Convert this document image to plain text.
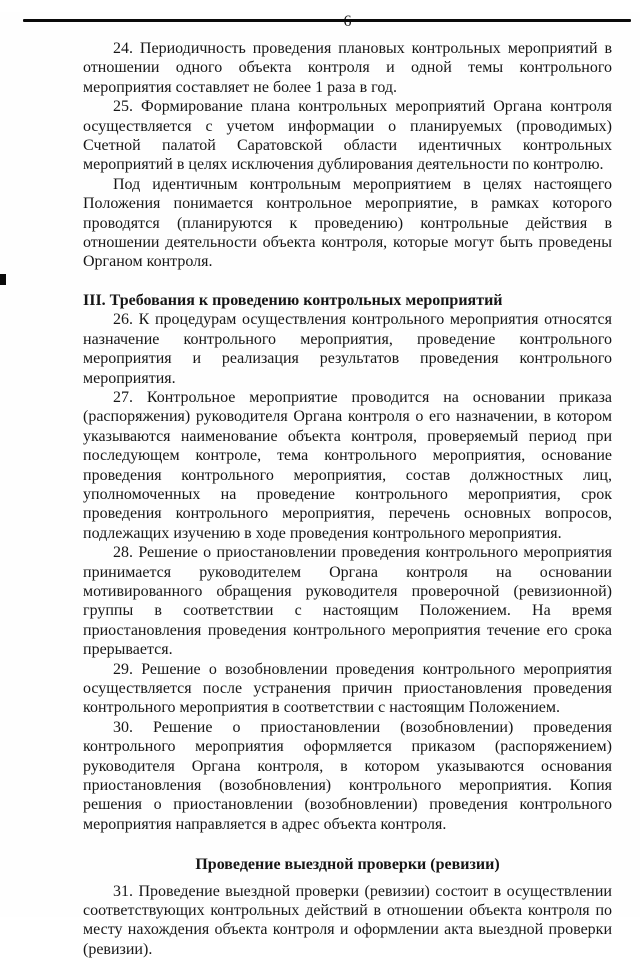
24. Периодичность проведения плановых контрольных мероприятий в отношении одного объекта контроля и одной темы контрольного мероприятия составляет не более 1 раза в год.

25. Формирование плана контрольных мероприятий Органа контроля осуществляется с учетом информации о планируемых (проводимых) Счетной палатой Саратовской области идентичных контрольных мероприятий в целях исключения дублирования деятельности по контролю.

Под идентичным контрольным мероприятием в целях настоящего Положения понимается контрольное мероприятие, в рамках которого проводятся (планируются к проведению) контрольные действия в отношении деятельности объекта контроля, которые могут быть проведены Органом контроля.

III. Требования к проведению контрольных мероприятий

26. К процедурам осуществления контрольного мероприятия относятся назначение контрольного мероприятия, проведение контрольного мероприятия и реализация результатов проведения контрольного мероприятия.

27. Контрольное мероприятие проводится на основании приказа (распоряжения) руководителя Органа контроля о его назначении, в котором указываются наименование объекта контроля, проверяемый период при последующем контроле, тема контрольного мероприятия, основание проведения контрольного мероприятия, состав должностных лиц, уполномоченных на проведение контрольного мероприятия, срок проведения контрольного мероприятия, перечень основных вопросов, подлежащих изучению в ходе проведения контрольного мероприятия.

28. Решение о приостановлении проведения контрольного мероприятия принимается руководителем Органа контроля на основании мотивированного обращения руководителя проверочной (ревизионной) группы в соответствии с настоящим Положением. На время приостановления проведения контрольного мероприятия течение его срока прерывается.

29. Решение о возобновлении проведения контрольного мероприятия осуществляется после устранения причин приостановления проведения контрольного мероприятия в соответствии с настоящим Положением.

30. Решение о приостановлении (возобновлении) проведения контрольного мероприятия оформляется приказом (распоряжением) руководителя Органа контроля, в котором указываются основания приостановления (возобновления) контрольного мероприятия. Копия решения о приостановлении (возобновлении) проведения контрольного мероприятия направляется в адрес объекта контроля.

Проведение выездной проверки (ревизии)

31. Проведение выездной проверки (ревизии) состоит в осуществлении соответствующих контрольных действий в отношении объекта контроля по месту нахождения объекта контроля и оформлении акта выездной проверки (ревизии).
